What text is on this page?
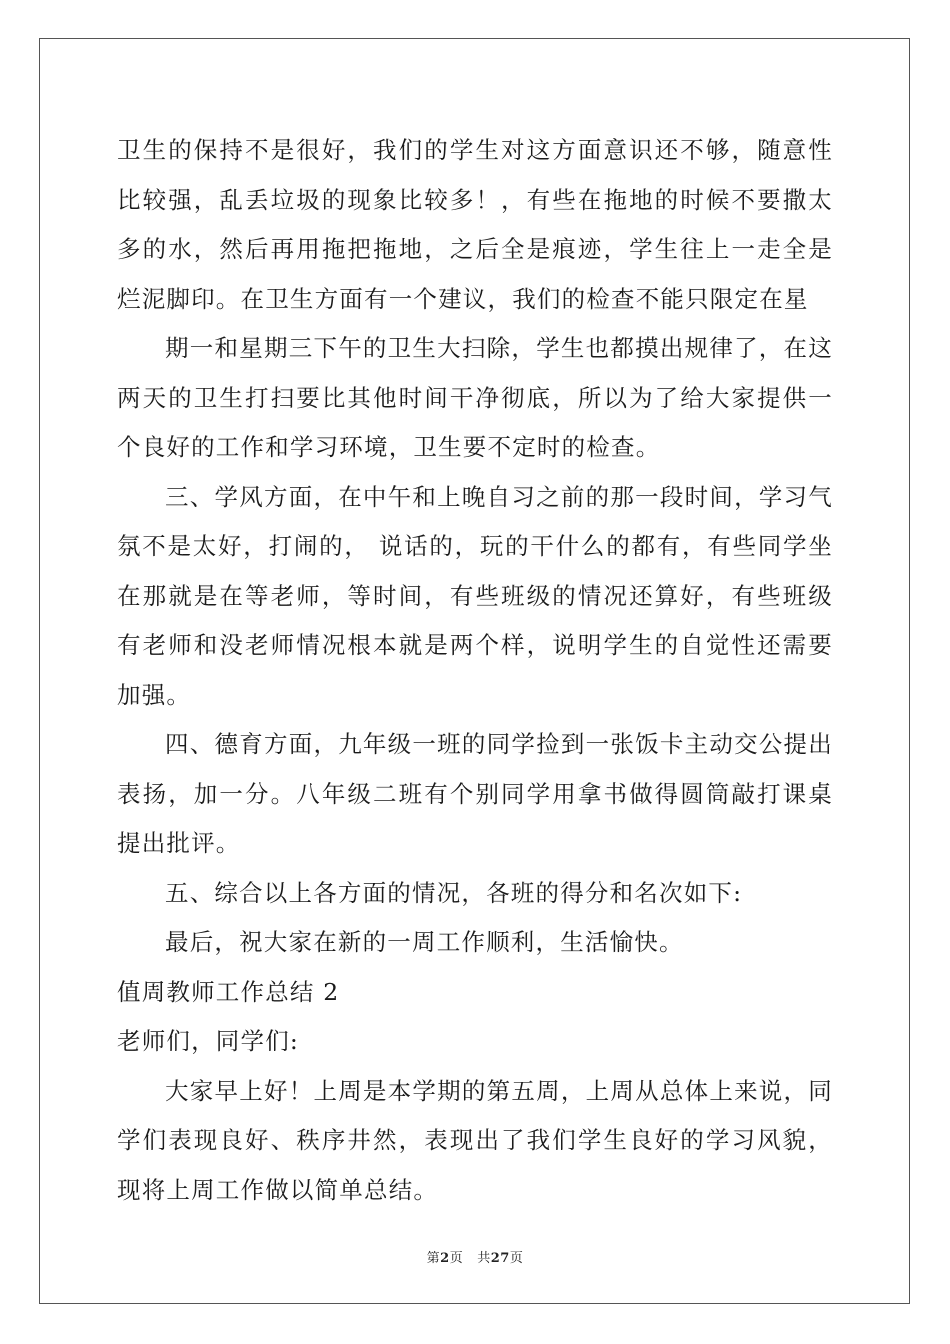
卫生的保持不是很好，我们的学生对这方面意识还不够，随意性比较强，乱丢垃圾的现象比较多！，有些在拖地的时候不要撒太多的水，然后再用拖把拖地，之后全是痕迹，学生往上一走全是烂泥脚印。在卫生方面有一个建议，我们的检查不能只限定在星

期一和星期三下午的卫生大扫除，学生也都摸出规律了，在这两天的卫生打扫要比其他时间干净彻底，所以为了给大家提供一个良好的工作和学习环境，卫生要不定时的检查。

三、学风方面，在中午和上晚自习之前的那一段时间，学习气氛不是太好，打闹的， 说话的，玩的干什么的都有，有些同学坐在那就是在等老师，等时间，有些班级的情况还算好，有些班级有老师和没老师情况根本就是两个样，说明学生的自觉性还需要加强。

四、德育方面，九年级一班的同学捡到一张饭卡主动交公提出表扬，加一分。八年级二班有个别同学用拿书做得圆筒敲打课桌提出批评。

五、综合以上各方面的情况，各班的得分和名次如下:

最后，祝大家在新的一周工作顺利，生活愉快。

值周教师工作总结 2

老师们，同学们:

大家早上好！上周是本学期的第五周，上周从总体上来说，同学们表现良好、秩序井然，表现出了我们学生良好的学习风貌，现将上周工作做以简单总结。

第2页 共27页
